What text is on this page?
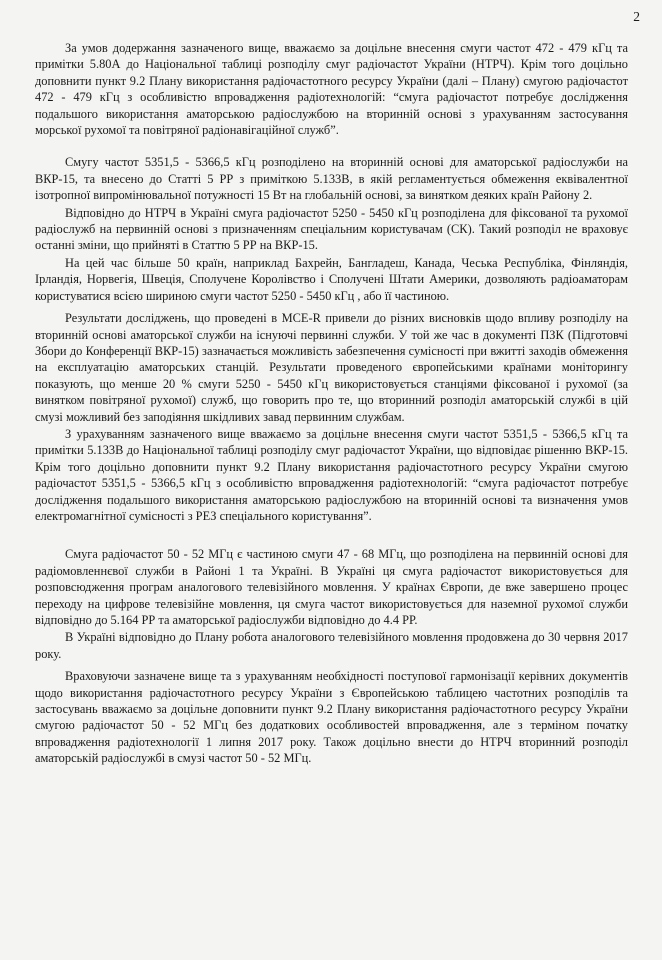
2

За умов додержання зазначеного вище, вважаємо за доцільне внесення смуги частот 472 - 479 кГц та примітки 5.80А до Національної таблиці розподілу смуг радіочастот України (НТРЧ). Крім того доцільно доповнити пункт 9.2 Плану використання радіочастотного ресурсу України (далі – Плану) смугою радіочастот 472 - 479 кГц з особливістю впровадження радіотехнологій: “смуга радіочастот потребує дослідження подальшого використання аматорською радіослужбою на вторинній основі з урахуванням застосування морської рухомої та повітряної радіонавігаційної служб”.

Смугу частот 5351,5 - 5366,5 кГц розподілено на вторинній основі для аматорської радіослужби на ВКР-15, та внесено до Статті 5 РР з приміткою 5.133В, в якій регламентується обмеження еквівалентної ізотропної випромінювальної потужності 15 Вт на глобальній основі, за винятком деяких країн Району 2.

Відповідно до НТРЧ в Україні смуга радіочастот 5250 - 5450 кГц розподілена для фіксованої та рухомої радіослужб на первинній основі з призначенням спеціальним користувачам (СК). Такий розподіл не враховує останні зміни, що прийняті в Статтю 5 РР на ВКР-15.

На цей час більше 50 країн, наприклад Бахрейн, Бангладеш, Канада, Чеська Республіка, Фінляндія, Ірландія, Норвегія, Швеція, Сполучене Королівство і Сполучені Штати Америки, дозволяють радіоаматорам користуватися всією шириною смуги частот 5250 - 5450 кГц , або її частиною.

Результати досліджень, що проведені в МСЕ-R привели до різних висновків щодо впливу розподілу на вторинній основі аматорської служби на існуючі первинні служби. У той же час в документі ПЗК (Підготовчі Збори до Конференції ВКР-15) зазначається можливість забезпечення сумісності при вжитті заходів обмеження на експлуатацію аматорських станцій. Результати проведеного європейськими країнами моніторингу показують, що менше 20 % смуги 5250 - 5450 кГц використовується станціями фіксованої і рухомої (за винятком повітряної рухомої) служб, що говорить про те, що вторинний розподіл аматорській службі в цій смузі можливий без заподіяння шкідливих завад первинним службам.

З урахуванням зазначеного вище вважаємо за доцільне внесення смуги частот 5351,5 - 5366,5 кГц та примітки 5.133В до Національної таблиці розподілу смуг радіочастот України, що відповідає рішенню ВКР-15. Крім того доцільно доповнити пункт 9.2 Плану використання радіочастотного ресурсу України смугою радіочастот 5351,5 - 5366,5 кГц з особливістю впровадження радіотехнологій: “смуга радіочастот потребує дослідження подальшого використання аматорською радіослужбою на вторинній основі та визначення умов електромагнітної сумісності з РЕЗ спеціального користування”.

Смуга радіочастот 50 - 52 МГц є частиною смуги 47 - 68 МГц, що розподілена на первинній основі для радіомовленнєвої служби в Районі 1 та Україні. В Україні ця смуга радіочастот використовується для розповсюдження програм аналогового телевізійного мовлення. У країнах Європи, де вже завершено процес переходу на цифрове телевізійне мовлення, ця смуга частот використовується для наземної рухомої служби відповідно до 5.164 РР та аматорської радіослужби відповідно до 4.4 РР.

В Україні відповідно до Плану робота аналогового телевізійного мовлення продовжена до 30 червня 2017 року.

Враховуючи зазначене вище та з урахуванням необхідності поступової гармонізації керівних документів щодо використання радіочастотного ресурсу України з Європейською таблицею частотних розподілів та застосувань вважаємо за доцільне доповнити пункт 9.2 Плану використання радіочастотного ресурсу України смугою радіочастот 50 - 52 МГц без додаткових особливостей впровадження, але з терміном початку впровадження радіотехнології 1 липня 2017 року. Також доцільно внести до НТРЧ вторинний розподіл аматорській радіослужбі в смузі частот 50 - 52 МГц.
